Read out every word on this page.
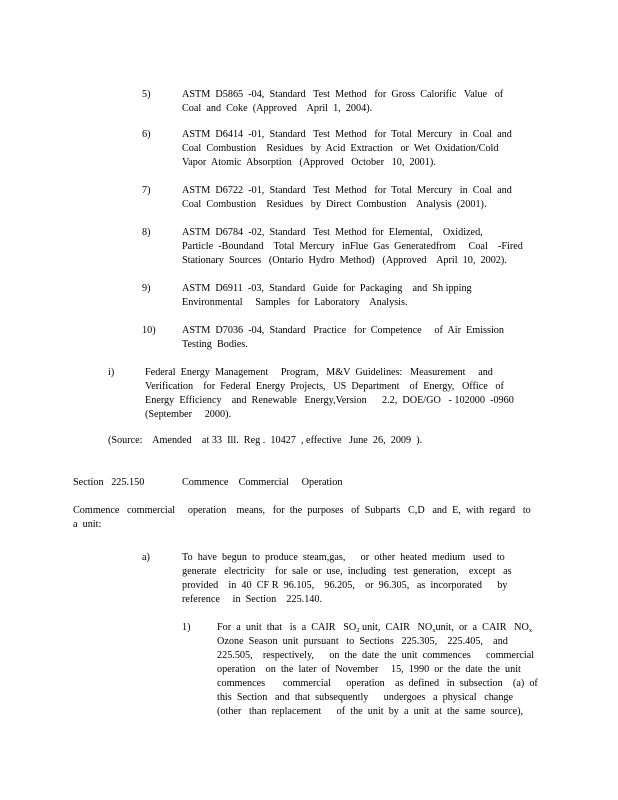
5)	ASTM  D5865  -04,  Standard   Test  Method   for  Gross  Calorific   Value   of
Coal  and  Coke  (Approved    April  1,  2004).
6)	ASTM  D6414  -01,  Standard   Test  Method   for  Total  Mercury   in  Coal  and
Coal  Combustion    Residues   by  Acid  Extraction   or  Wet  Oxidation/Cold
Vapor  Atomic  Absorption   (Approved   October   10,  2001).
7)	ASTM  D6722  -01,  Standard   Test  Method   for  Total  Mercury   in  Coal  and
Coal  Combustion    Residues   by  Direct  Combustion    Analysis  (2001).
8)	ASTM  D6784  -02,  Standard   Test  Method  for  Elemental,    Oxidized,
Particle  -Boundand    Total  Mercury   inFlue  Gas  Generatedfrom     Coal    -Fired
Stationary  Sources   (Ontario  Hydro  Method)   (Approved    April  10,  2002).
9)	ASTM  D6911  -03,  Standard   Guide  for  Packaging    and  Sh ipping
Environmental     Samples   for  Laboratory    Analysis.
10)	ASTM  D7036  -04,  Standard   Practice   for  Competence     of  Air  Emission
Testing  Bodies.
i)	Federal  Energy  Management     Program,   M&V  Guidelines:   Measurement     and
Verification    for  Federal  Energy  Projects,   US  Department    of  Energy,   Office   of
Energy  Efficiency    and  Renewable   Energy,Version      2.2,  DOE/GO   - 102000  -0960
(September     2000).
(Source:    Amended    at 33  Ill.  Reg .  10427  , effective   June  26,  2009  ).
Section   225.150	Commence    Commercial     Operation
Commence   commercial     operation    means,   for  the  purposes   of  Subparts   C,D   and  E,  with  regard   to
a  unit:
a)	To  have  begun  to  produce  steam,gas,      or  other  heated  medium   used  to
generate   electricity    for  sale  or  use,  including   test  generation,    except   as
provided    in  40  CF R  96.105,    96.205,    or  96.305,   as  incorporated      by
reference     in  Section    225.140.
1)	For  a  unit  that   is  a  CAIR   $SO_2$ unit,  CAIR   $NO_xunit$,  or  a  CAIR   $NO_x$
Ozone  Season  unit  pursuant   to  Sections   225.305,    225.405,    and
225.505,    respectively,      on  the  date  the  unit  commences      commercial
operation    on  the  later  of  November     15,  1990  or  the  date  the  unit
commences       commercial      operation    as  defined   in  subsection    (a)  of
this  Section   and  that  subsequently      undergoes   a  physical   change
(other   than  replacement      of  the  unit  by  a  unit  at  the  same  source),
